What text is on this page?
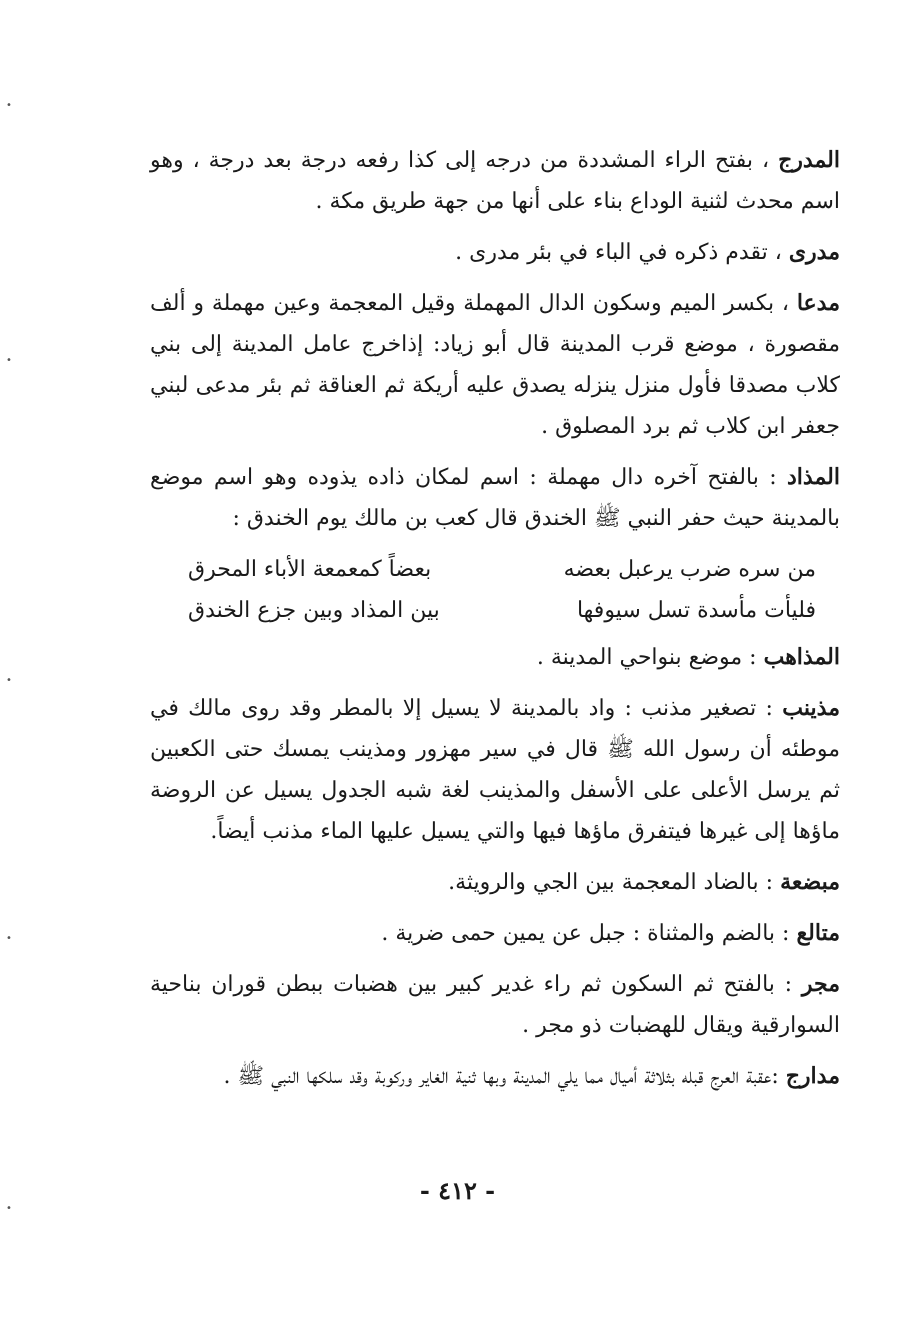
المدرج ، بفتح الراء المشددة من درجه إلى كذا رفعه درجة بعد درجة ، وهو اسم محدث لثنية الوداع بناء على أنها من جهة طريق مكة .

مدرى ، تقدم ذكره في الباء في بئر مدرى .

مدعا ، بكسر الميم وسكون الدال المهملة وقيل المعجمة وعين مهملة و ألف مقصورة ، موضع قرب المدينة قال أبو زياد: إذاخرج عامل المدينة إلى بني كلاب مصدقا فأول منزل ينزله يصدق عليه أريكة ثم العناقة ثم بئر مدعى لبني جعفر ابن كلاب ثم برد المصلوق .

المذاد : بالفتح آخره دال مهملة : اسم لمكان ذاده يذوده وهو اسم موضع بالمدينة حيث حفر النبي ﷺ الخندق قال كعب بن مالك يوم الخندق :

من سره ضرب يرعبل بعضه
بعضاً كمعمعة الأباء المحرق
فليأت مأسدة تسل سيوفها
بين المذاد وبين جزع الخندق

المذاهب : موضع بنواحي المدينة .

مذينب : تصغير مذنب : واد بالمدينة لا يسيل إلا بالمطر وقد روى مالك في موطئه أن رسول الله ﷺ قال في سير مهزور ومذينب يمسك حتى الكعبين ثم يرسل الأعلى على الأسفل والمذينب لغة شبه الجدول يسيل عن الروضة ماؤها إلى غيرها فيتفرق ماؤها فيها والتي يسيل عليها الماء مذنب أيضاً.

مبضعة : بالضاد المعجمة بين الجي والرويثة.

متالع : بالضم والمثناة : جبل عن يمين حمى ضرية .

مجر : بالفتح ثم السكون ثم راء غدير كبير بين هضبات ببطن قوران بناحية السوارقية ويقال للهضبات ذو مجر .

مدارج :عقبة العرج قبله بثلاثة أميال مما يلي المدينة وبها ثنية الغاير وركوبة وقد سلكها النبي ﷺ .

- ٤١٢ -
•
•
•
•
•
